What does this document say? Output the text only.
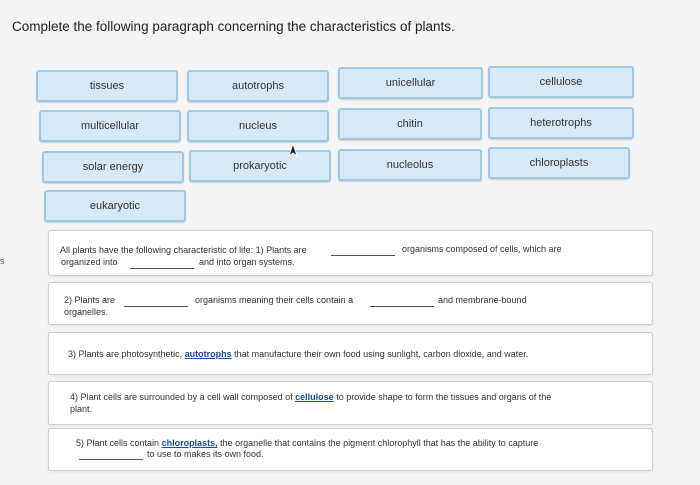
Complete the following paragraph concerning the characteristics of plants.
s
tissues	autotrophs	unicellular	cellulose
multicellular	nucleus	chitin	heterotrophs
solar energy	prokaryotic	nucleolus	chloroplasts
eukaryotic
All plants have the following characteristic of life: 1) Plants are	organisms composed of cells, which are
organized into	and into organ systems.
2) Plants are	organisms meaning their cells contain a	and membrane-bound
organelles.
3) Plants are photosynthetic, autotrophs that manufacture their own food using sunlight, carbon dioxide, and water.
4) Plant cells are surrounded by a cell wall composed of cellulose to provide shape to form the tissues and organs of the
plant.
5) Plant cells contain chloroplasts, the organelle that contains the pigment chlorophyll that has the ability to capture
to use to makes its own food.
